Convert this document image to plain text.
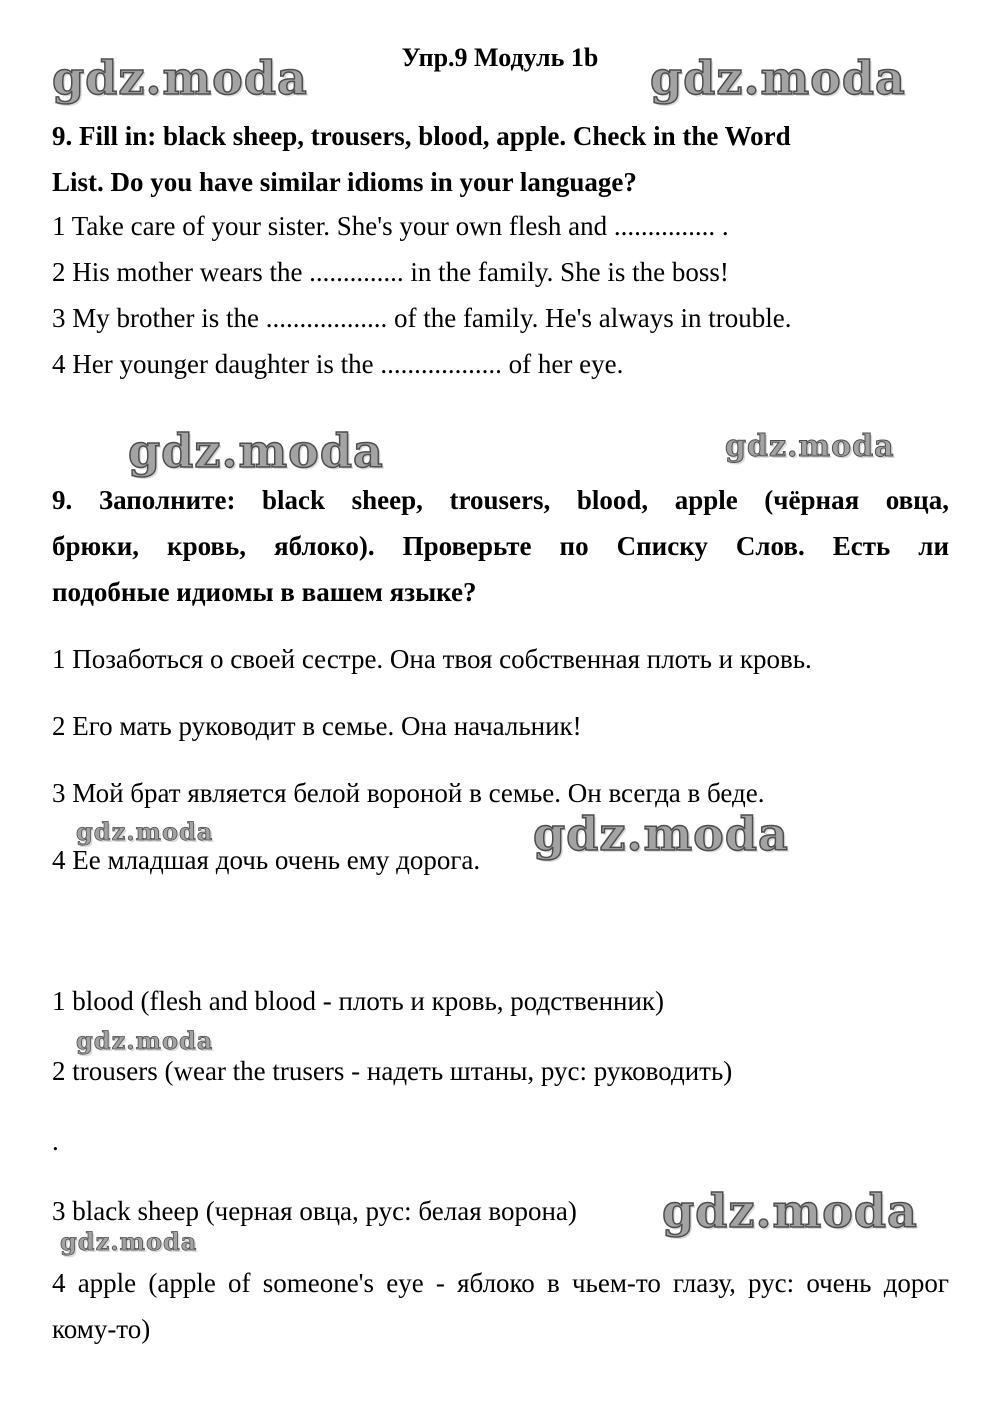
gdz.moda	gdz.moda
gdz.moda	gdz.moda
gdz.moda	gdz.moda
gdz.moda
gdz.moda
gdz.moda
Упр.9 Модуль 1b
9. Fill in: black sheep, trousers, blood, apple. Check in the Word
List. Do you have similar idioms in your language?
1 Take care of your sister. She's your own flesh and ............... .
2 His mother wears the .............. in the family. She is the boss!
3 My brother is the .................. of the family. He's always in trouble.
4 Her younger daughter is the .................. of her eye.
9. Заполните: black sheep, trousers, blood, apple (чёрная овца,
брюки, кровь, яблоко). Проверьте по Списку Слов. Есть ли
подобные идиомы в вашем языке?
1 Позаботься о своей сестре. Она твоя собственная плоть и кровь.
2 Его мать руководит в семье. Она начальник!
3 Мой брат является белой вороной в семье. Он всегда в беде.
4 Ее младшая дочь очень ему дорога.
1 blood (flesh and blood - плоть и кровь, родственник)
2 trousers (wear the trusers - надеть штаны, рус: руководить)
.
3 black sheep (черная овца, рус: белая ворона)
4 apple (apple of someone's eye - яблоко в чьем-то глазу, рус: очень дорог кому-то)
